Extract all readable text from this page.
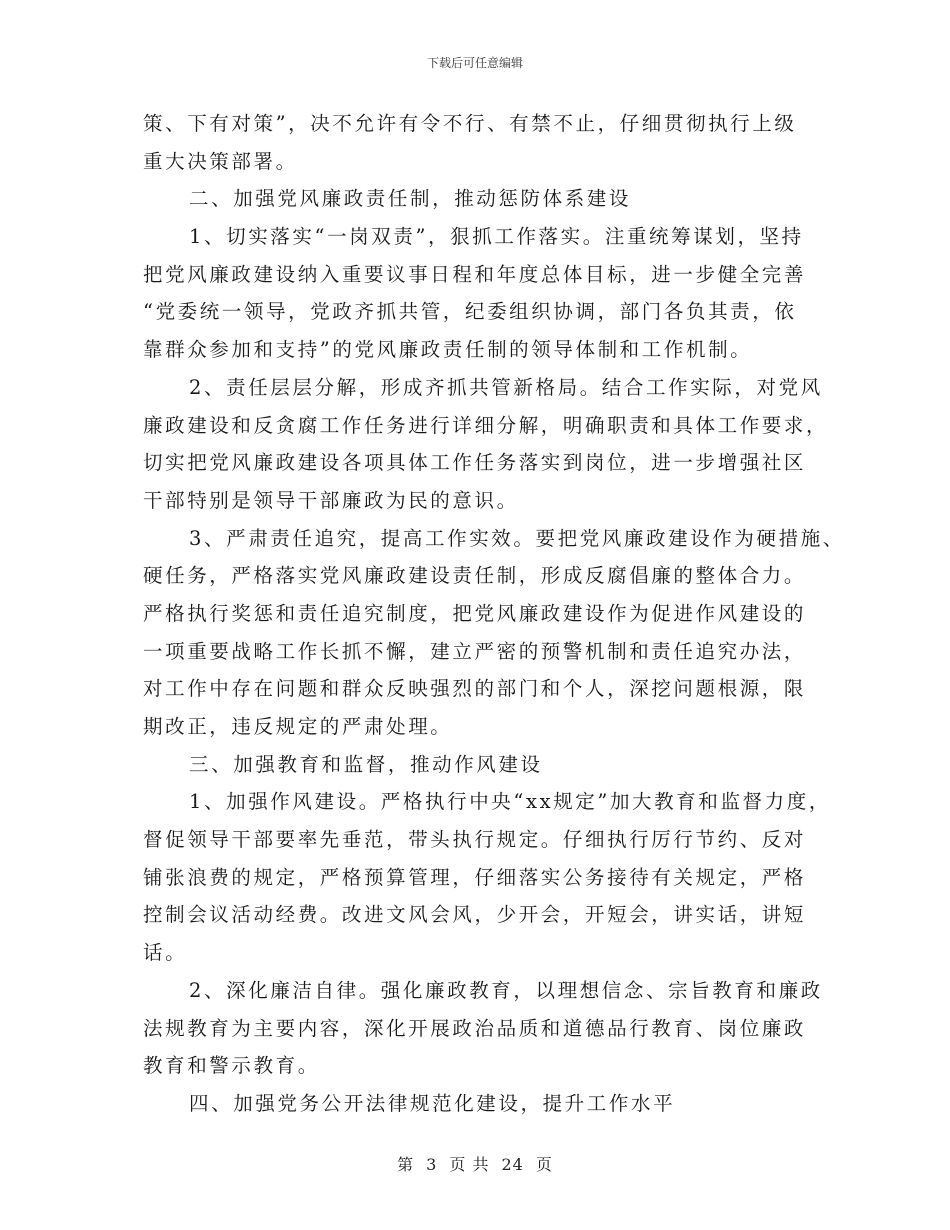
下载后可任意编辑
策、下有对策”，决不允许有令不行、有禁不止，仔细贯彻执行上级
重大决策部署。
二、加强党风廉政责任制，推动惩防体系建设
1、切实落实“一岗双责”，狠抓工作落实。注重统筹谋划，坚持
把党风廉政建设纳入重要议事日程和年度总体目标，进一步健全完善
“党委统一领导，党政齐抓共管，纪委组织协调，部门各负其责，依
靠群众参加和支持”的党风廉政责任制的领导体制和工作机制。
2、责任层层分解，形成齐抓共管新格局。结合工作实际，对党风
廉政建设和反贪腐工作任务进行详细分解，明确职责和具体工作要求，
切实把党风廉政建设各项具体工作任务落实到岗位，进一步增强社区
干部特别是领导干部廉政为民的意识。
3、严肃责任追究，提高工作实效。要把党风廉政建设作为硬措施、
硬任务，严格落实党风廉政建设责任制，形成反腐倡廉的整体合力。
严格执行奖惩和责任追究制度，把党风廉政建设作为促进作风建设的
一项重要战略工作长抓不懈，建立严密的预警机制和责任追究办法，
对工作中存在问题和群众反映强烈的部门和个人，深挖问题根源，限
期改正，违反规定的严肃处理。
三、加强教育和监督，推动作风建设
1、加强作风建设。严格执行中央“xx规定”加大教育和监督力度，
督促领导干部要率先垂范，带头执行规定。仔细执行厉行节约、反对
铺张浪费的规定，严格预算管理，仔细落实公务接待有关规定，严格
控制会议活动经费。改进文风会风，少开会，开短会，讲实话，讲短
话。
2、深化廉洁自律。强化廉政教育，以理想信念、宗旨教育和廉政
法规教育为主要内容，深化开展政治品质和道德品行教育、岗位廉政
教育和警示教育。
四、加强党务公开法律规范化建设，提升工作水平
第 3 页 共 24 页
